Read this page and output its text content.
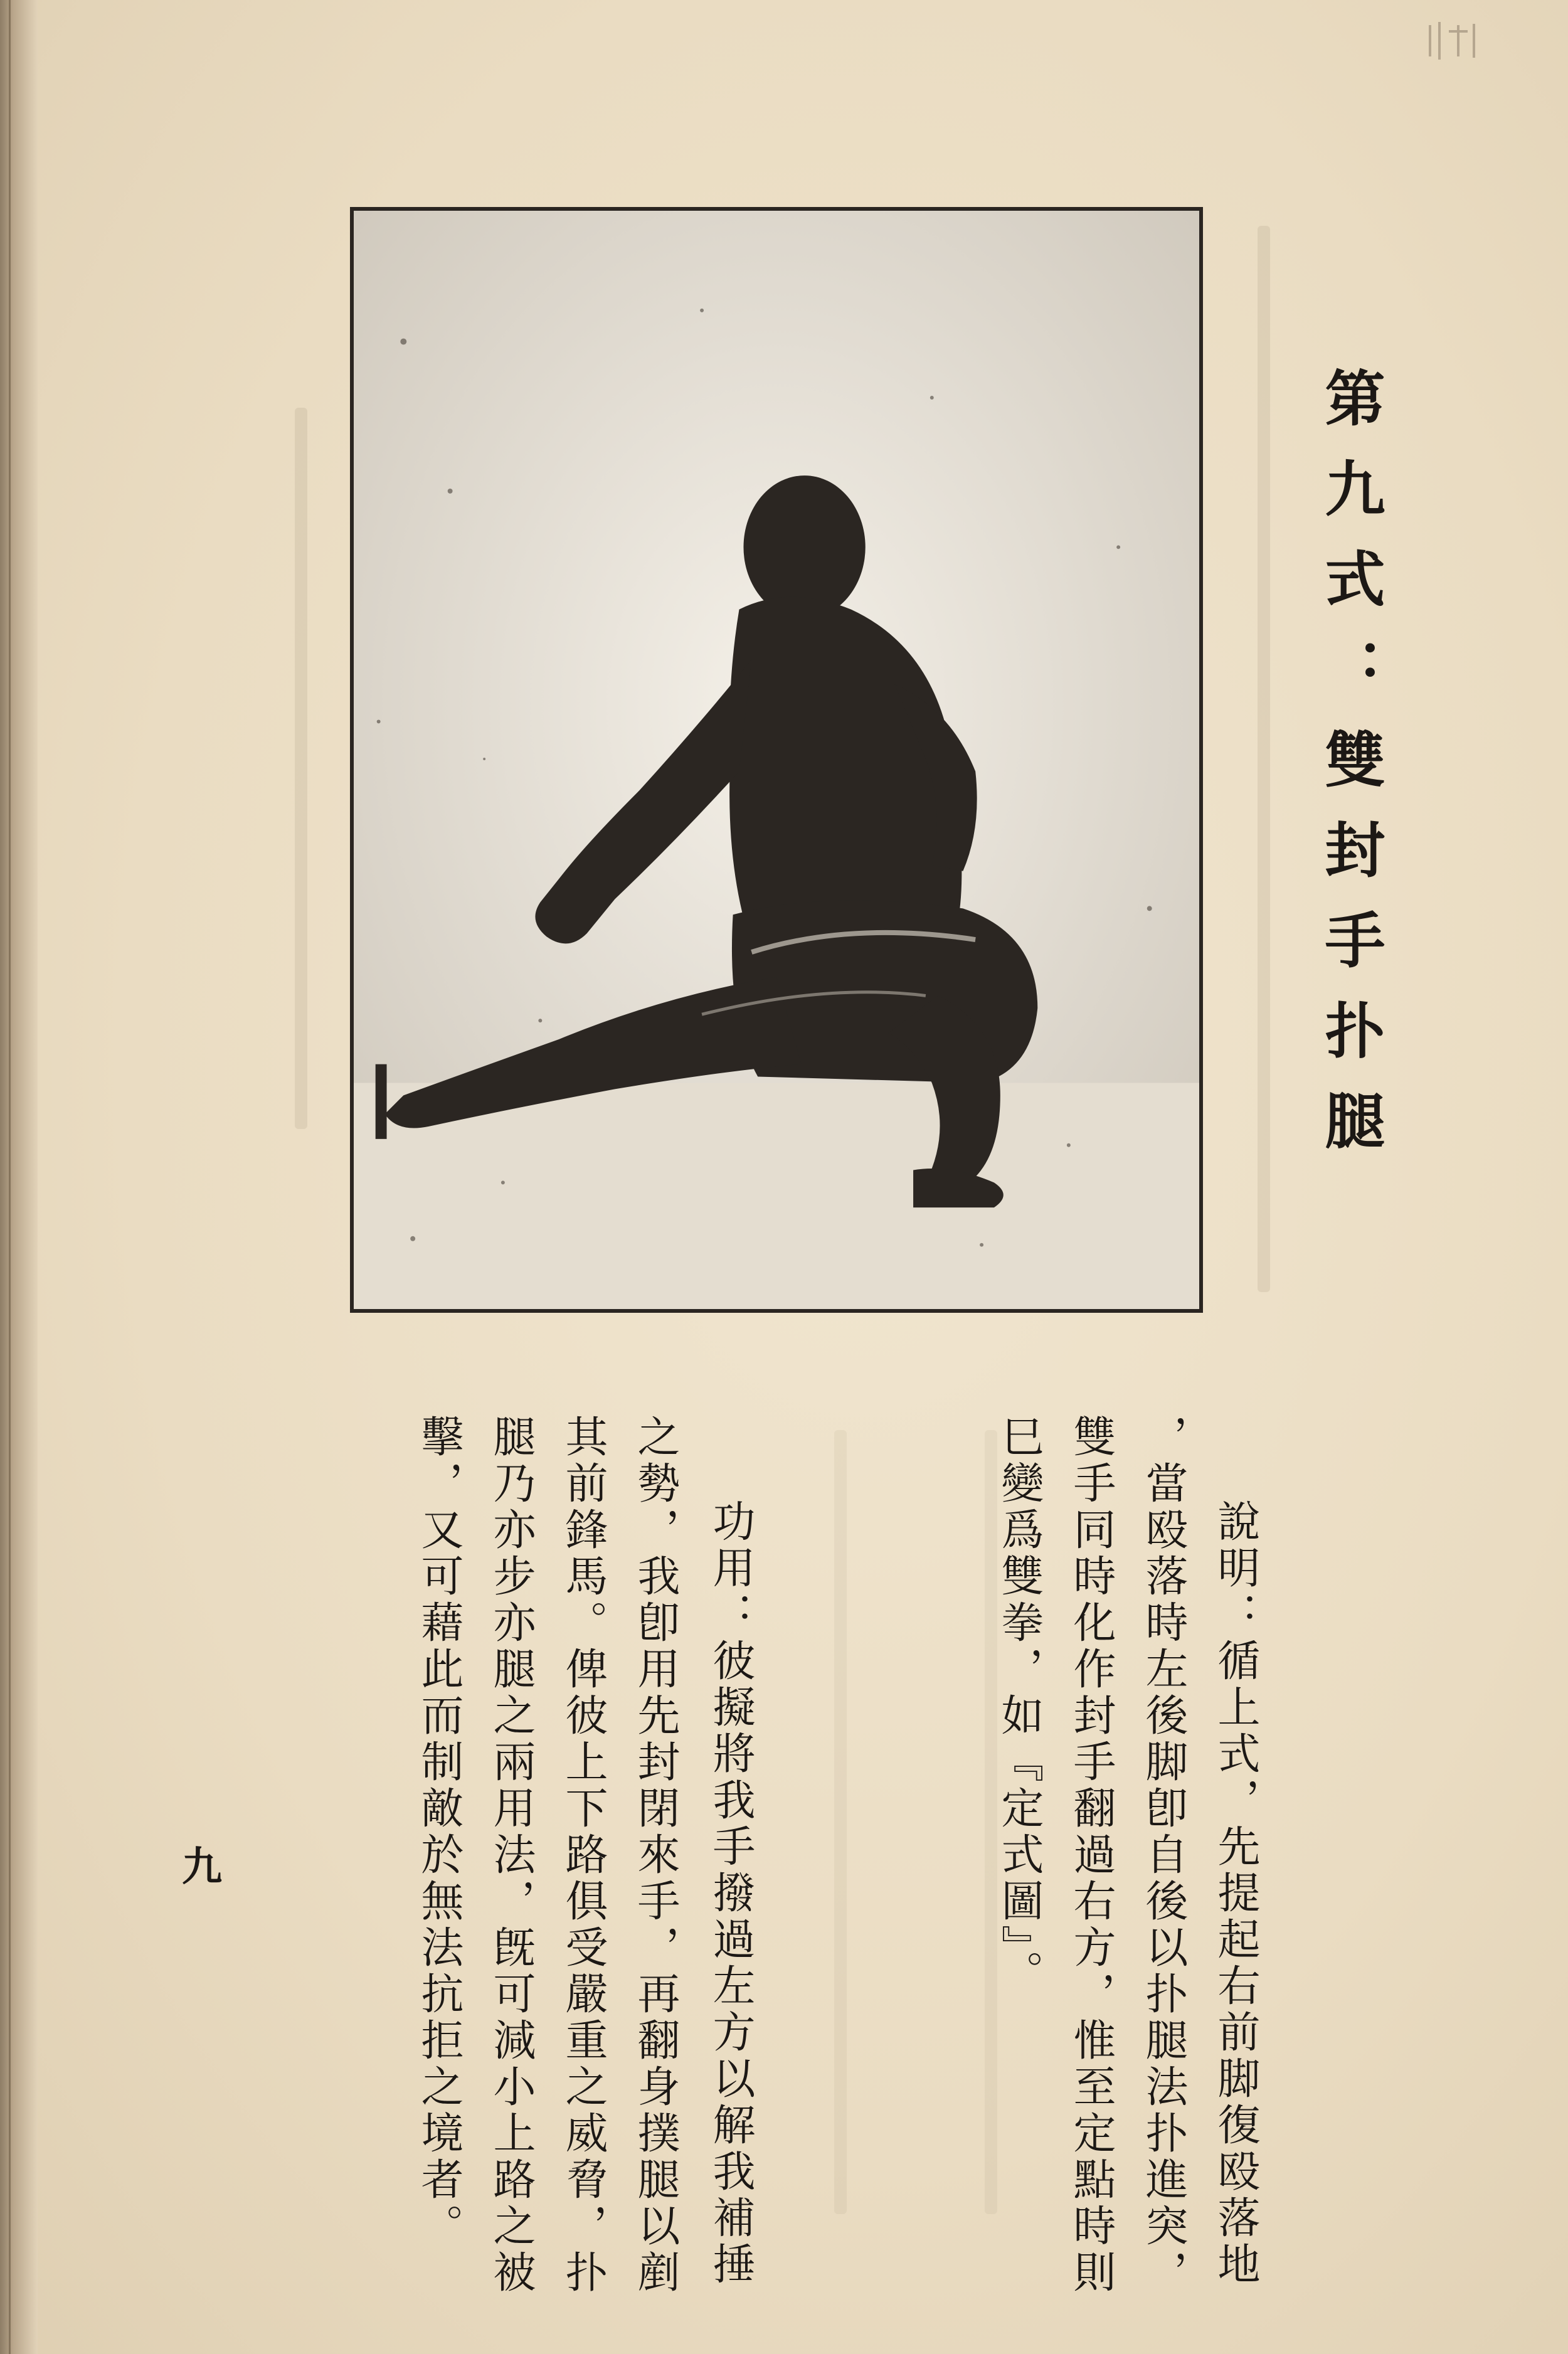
第九式：雙封手扑腿
說明：循上式，先提起右前脚復殴落地
，當殴落時左後脚卽自後以扑腿法扑進突，
雙手同時化作封手翻過右方，惟至定點時則
巳變爲雙拳，如『定式圖』。
功用：彼擬將我手撥過左方以解我補捶
之勢，我卽用先封閉來手，再翻身撲腿以剷
其前鋒馬。俾彼上下路俱受嚴重之威脅，扑
腿乃亦步亦腿之兩用法，旣可減小上路之被
擊，又可藉此而制敵於無法抗拒之境者。
九
